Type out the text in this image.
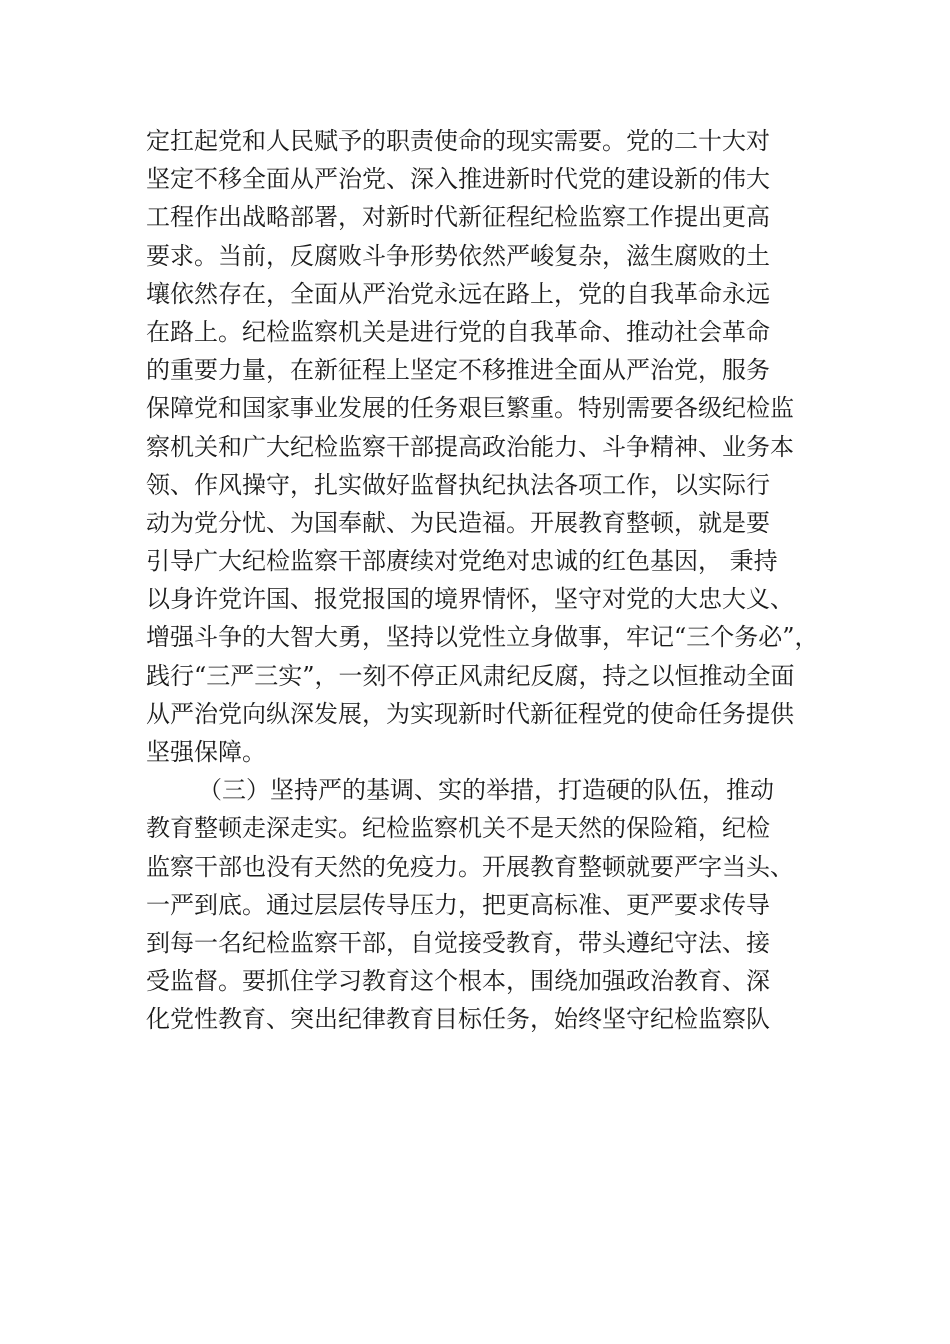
定扛起党和人民赋予的职责使命的现实需要。党的二十大对
坚定不移全面从严治党、深入推进新时代党的建设新的伟大
工程作出战略部署，对新时代新征程纪检监察工作提出更高
要求。当前，反腐败斗争形势依然严峻复杂，滋生腐败的土
壤依然存在，全面从严治党永远在路上，党的自我革命永远
在路上。纪检监察机关是进行党的自我革命、推动社会革命
的重要力量，在新征程上坚定不移推进全面从严治党，服务
保障党和国家事业发展的任务艰巨繁重。特别需要各级纪检监
察机关和广大纪检监察干部提高政治能力、斗争精神、业务本
领、作风操守，扎实做好监督执纪执法各项工作，以实际行
动为党分忧、为国奉献、为民造福。开展教育整顿，就是要
引导广大纪检监察干部赓续对党绝对忠诚的红色基因， 秉持
以身许党许国、报党报国的境界情怀，坚守对党的大忠大义、
增强斗争的大智大勇，坚持以党性立身做事，牢记“三个务必”，
践行“三严三实”，一刻不停正风肃纪反腐，持之以恒推动全面
从严治党向纵深发展，为实现新时代新征程党的使命任务提供
坚强保障。
（三）坚持严的基调、实的举措，打造硬的队伍，推动
教育整顿走深走实。纪检监察机关不是天然的保险箱，纪检
监察干部也没有天然的免疫力。开展教育整顿就要严字当头、
一严到底。通过层层传导压力，把更高标准、更严要求传导
到每一名纪检监察干部，自觉接受教育，带头遵纪守法、接
受监督。要抓住学习教育这个根本，围绕加强政治教育、深
化党性教育、突出纪律教育目标任务，始终坚守纪检监察队
